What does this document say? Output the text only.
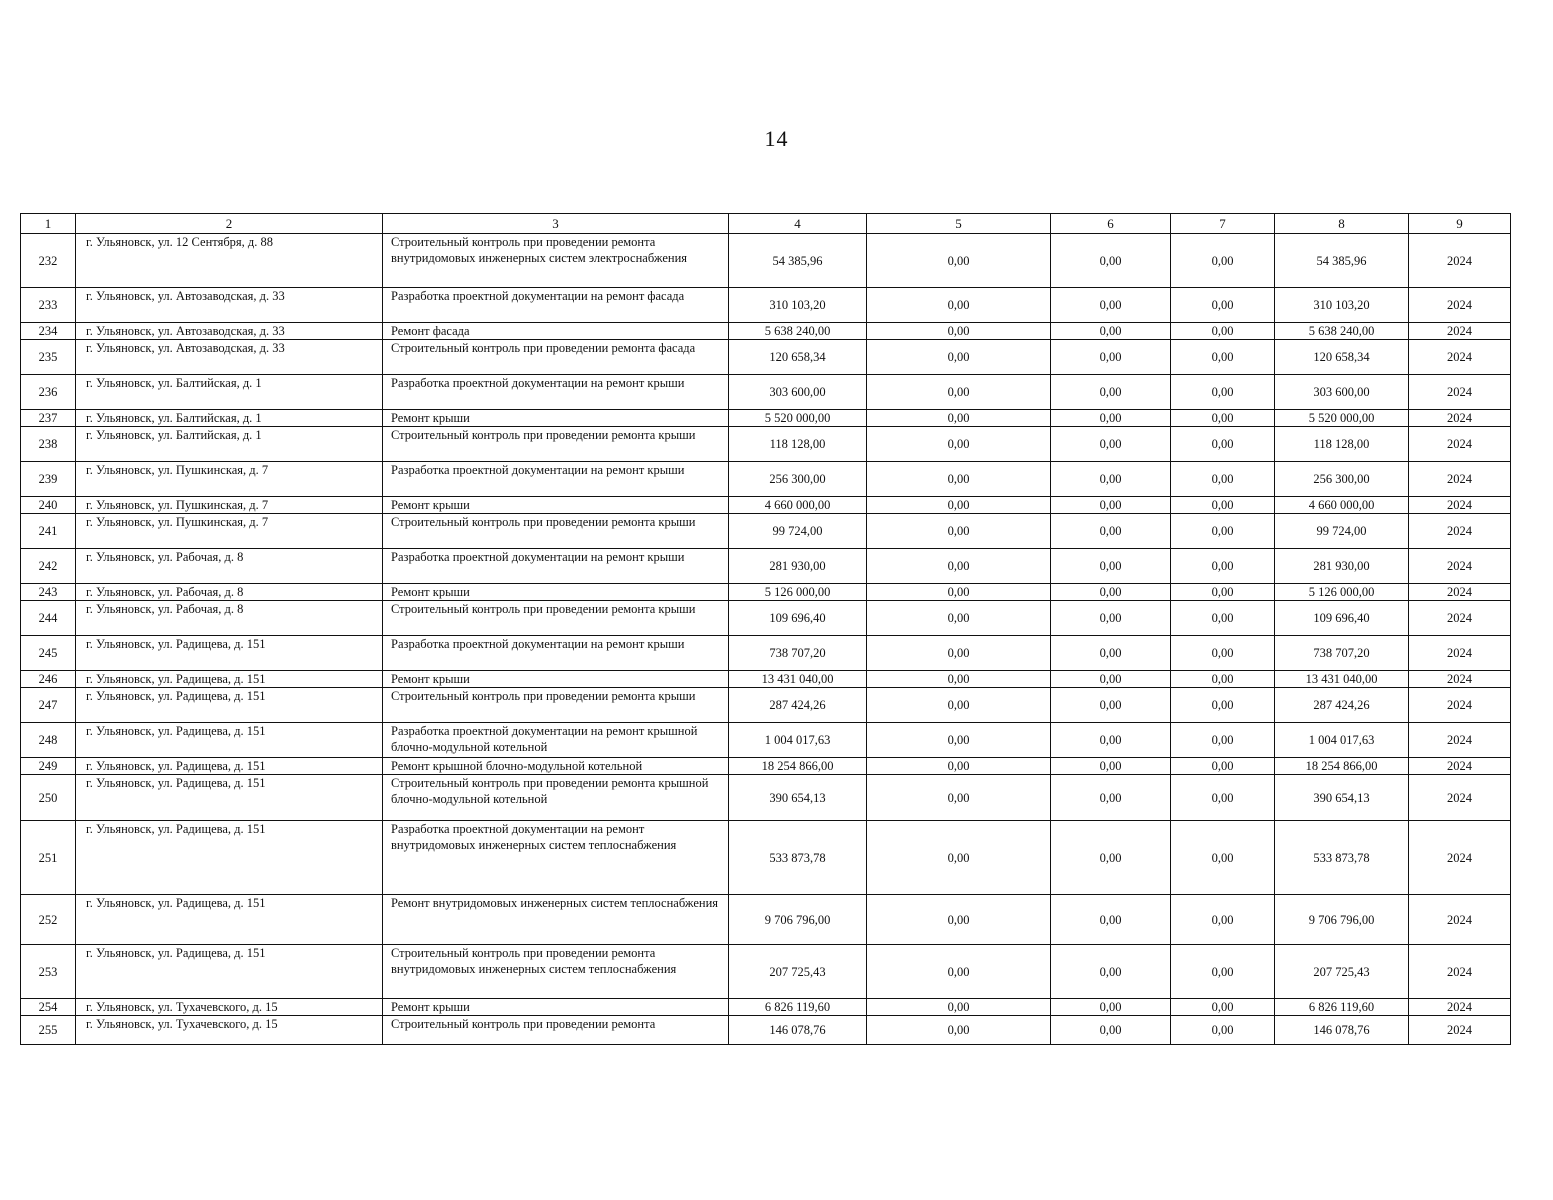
14
1	2	3	4	5	6	7	8	9
232	г. Ульяновск, ул. 12 Сентября, д. 88	Строительный контроль при проведении ремонта внутридомовых инженерных систем электроснабжения	54 385,96	0,00	0,00	0,00	54 385,96	2024
233	г. Ульяновск, ул. Автозаводская, д. 33	Разработка проектной документации на ремонт фасада	310 103,20	0,00	0,00	0,00	310 103,20	2024
234	г. Ульяновск, ул. Автозаводская, д. 33	Ремонт фасада	5 638 240,00	0,00	0,00	0,00	5 638 240,00	2024
235	г. Ульяновск, ул. Автозаводская, д. 33	Строительный контроль при проведении ремонта фасада	120 658,34	0,00	0,00	0,00	120 658,34	2024
236	г. Ульяновск, ул. Балтийская, д. 1	Разработка проектной документации на ремонт крыши	303 600,00	0,00	0,00	0,00	303 600,00	2024
237	г. Ульяновск, ул. Балтийская, д. 1	Ремонт крыши	5 520 000,00	0,00	0,00	0,00	5 520 000,00	2024
238	г. Ульяновск, ул. Балтийская, д. 1	Строительный контроль при проведении ремонта крыши	118 128,00	0,00	0,00	0,00	118 128,00	2024
239	г. Ульяновск, ул. Пушкинская, д. 7	Разработка проектной документации на ремонт крыши	256 300,00	0,00	0,00	0,00	256 300,00	2024
240	г. Ульяновск, ул. Пушкинская, д. 7	Ремонт крыши	4 660 000,00	0,00	0,00	0,00	4 660 000,00	2024
241	г. Ульяновск, ул. Пушкинская, д. 7	Строительный контроль при проведении ремонта крыши	99 724,00	0,00	0,00	0,00	99 724,00	2024
242	г. Ульяновск, ул. Рабочая, д. 8	Разработка проектной документации на ремонт крыши	281 930,00	0,00	0,00	0,00	281 930,00	2024
243	г. Ульяновск, ул. Рабочая, д. 8	Ремонт крыши	5 126 000,00	0,00	0,00	0,00	5 126 000,00	2024
244	г. Ульяновск, ул. Рабочая, д. 8	Строительный контроль при проведении ремонта крыши	109 696,40	0,00	0,00	0,00	109 696,40	2024
245	г. Ульяновск, ул. Радищева, д. 151	Разработка проектной документации на ремонт крыши	738 707,20	0,00	0,00	0,00	738 707,20	2024
246	г. Ульяновск, ул. Радищева, д. 151	Ремонт крыши	13 431 040,00	0,00	0,00	0,00	13 431 040,00	2024
247	г. Ульяновск, ул. Радищева, д. 151	Строительный контроль при проведении ремонта крыши	287 424,26	0,00	0,00	0,00	287 424,26	2024
248	г. Ульяновск, ул. Радищева, д. 151	Разработка проектной документации на ремонт крышной блочно-модульной котельной	1 004 017,63	0,00	0,00	0,00	1 004 017,63	2024
249	г. Ульяновск, ул. Радищева, д. 151	Ремонт крышной блочно-модульной котельной	18 254 866,00	0,00	0,00	0,00	18 254 866,00	2024
250	г. Ульяновск, ул. Радищева, д. 151	Строительный контроль при проведении ремонта крышной блочно-модульной котельной	390 654,13	0,00	0,00	0,00	390 654,13	2024
251	г. Ульяновск, ул. Радищева, д. 151	Разработка проектной документации на ремонт внутридомовых инженерных систем теплоснабжения	533 873,78	0,00	0,00	0,00	533 873,78	2024
252	г. Ульяновск, ул. Радищева, д. 151	Ремонт внутридомовых инженерных систем теплоснабжения	9 706 796,00	0,00	0,00	0,00	9 706 796,00	2024
253	г. Ульяновск, ул. Радищева, д. 151	Строительный контроль при проведении ремонта внутридомовых инженерных систем теплоснабжения	207 725,43	0,00	0,00	0,00	207 725,43	2024
254	г. Ульяновск, ул. Тухачевского, д. 15	Ремонт крыши	6 826 119,60	0,00	0,00	0,00	6 826 119,60	2024
255	г. Ульяновск, ул. Тухачевского, д. 15	Строительный контроль при проведении ремонта	146 078,76	0,00	0,00	0,00	146 078,76	2024
